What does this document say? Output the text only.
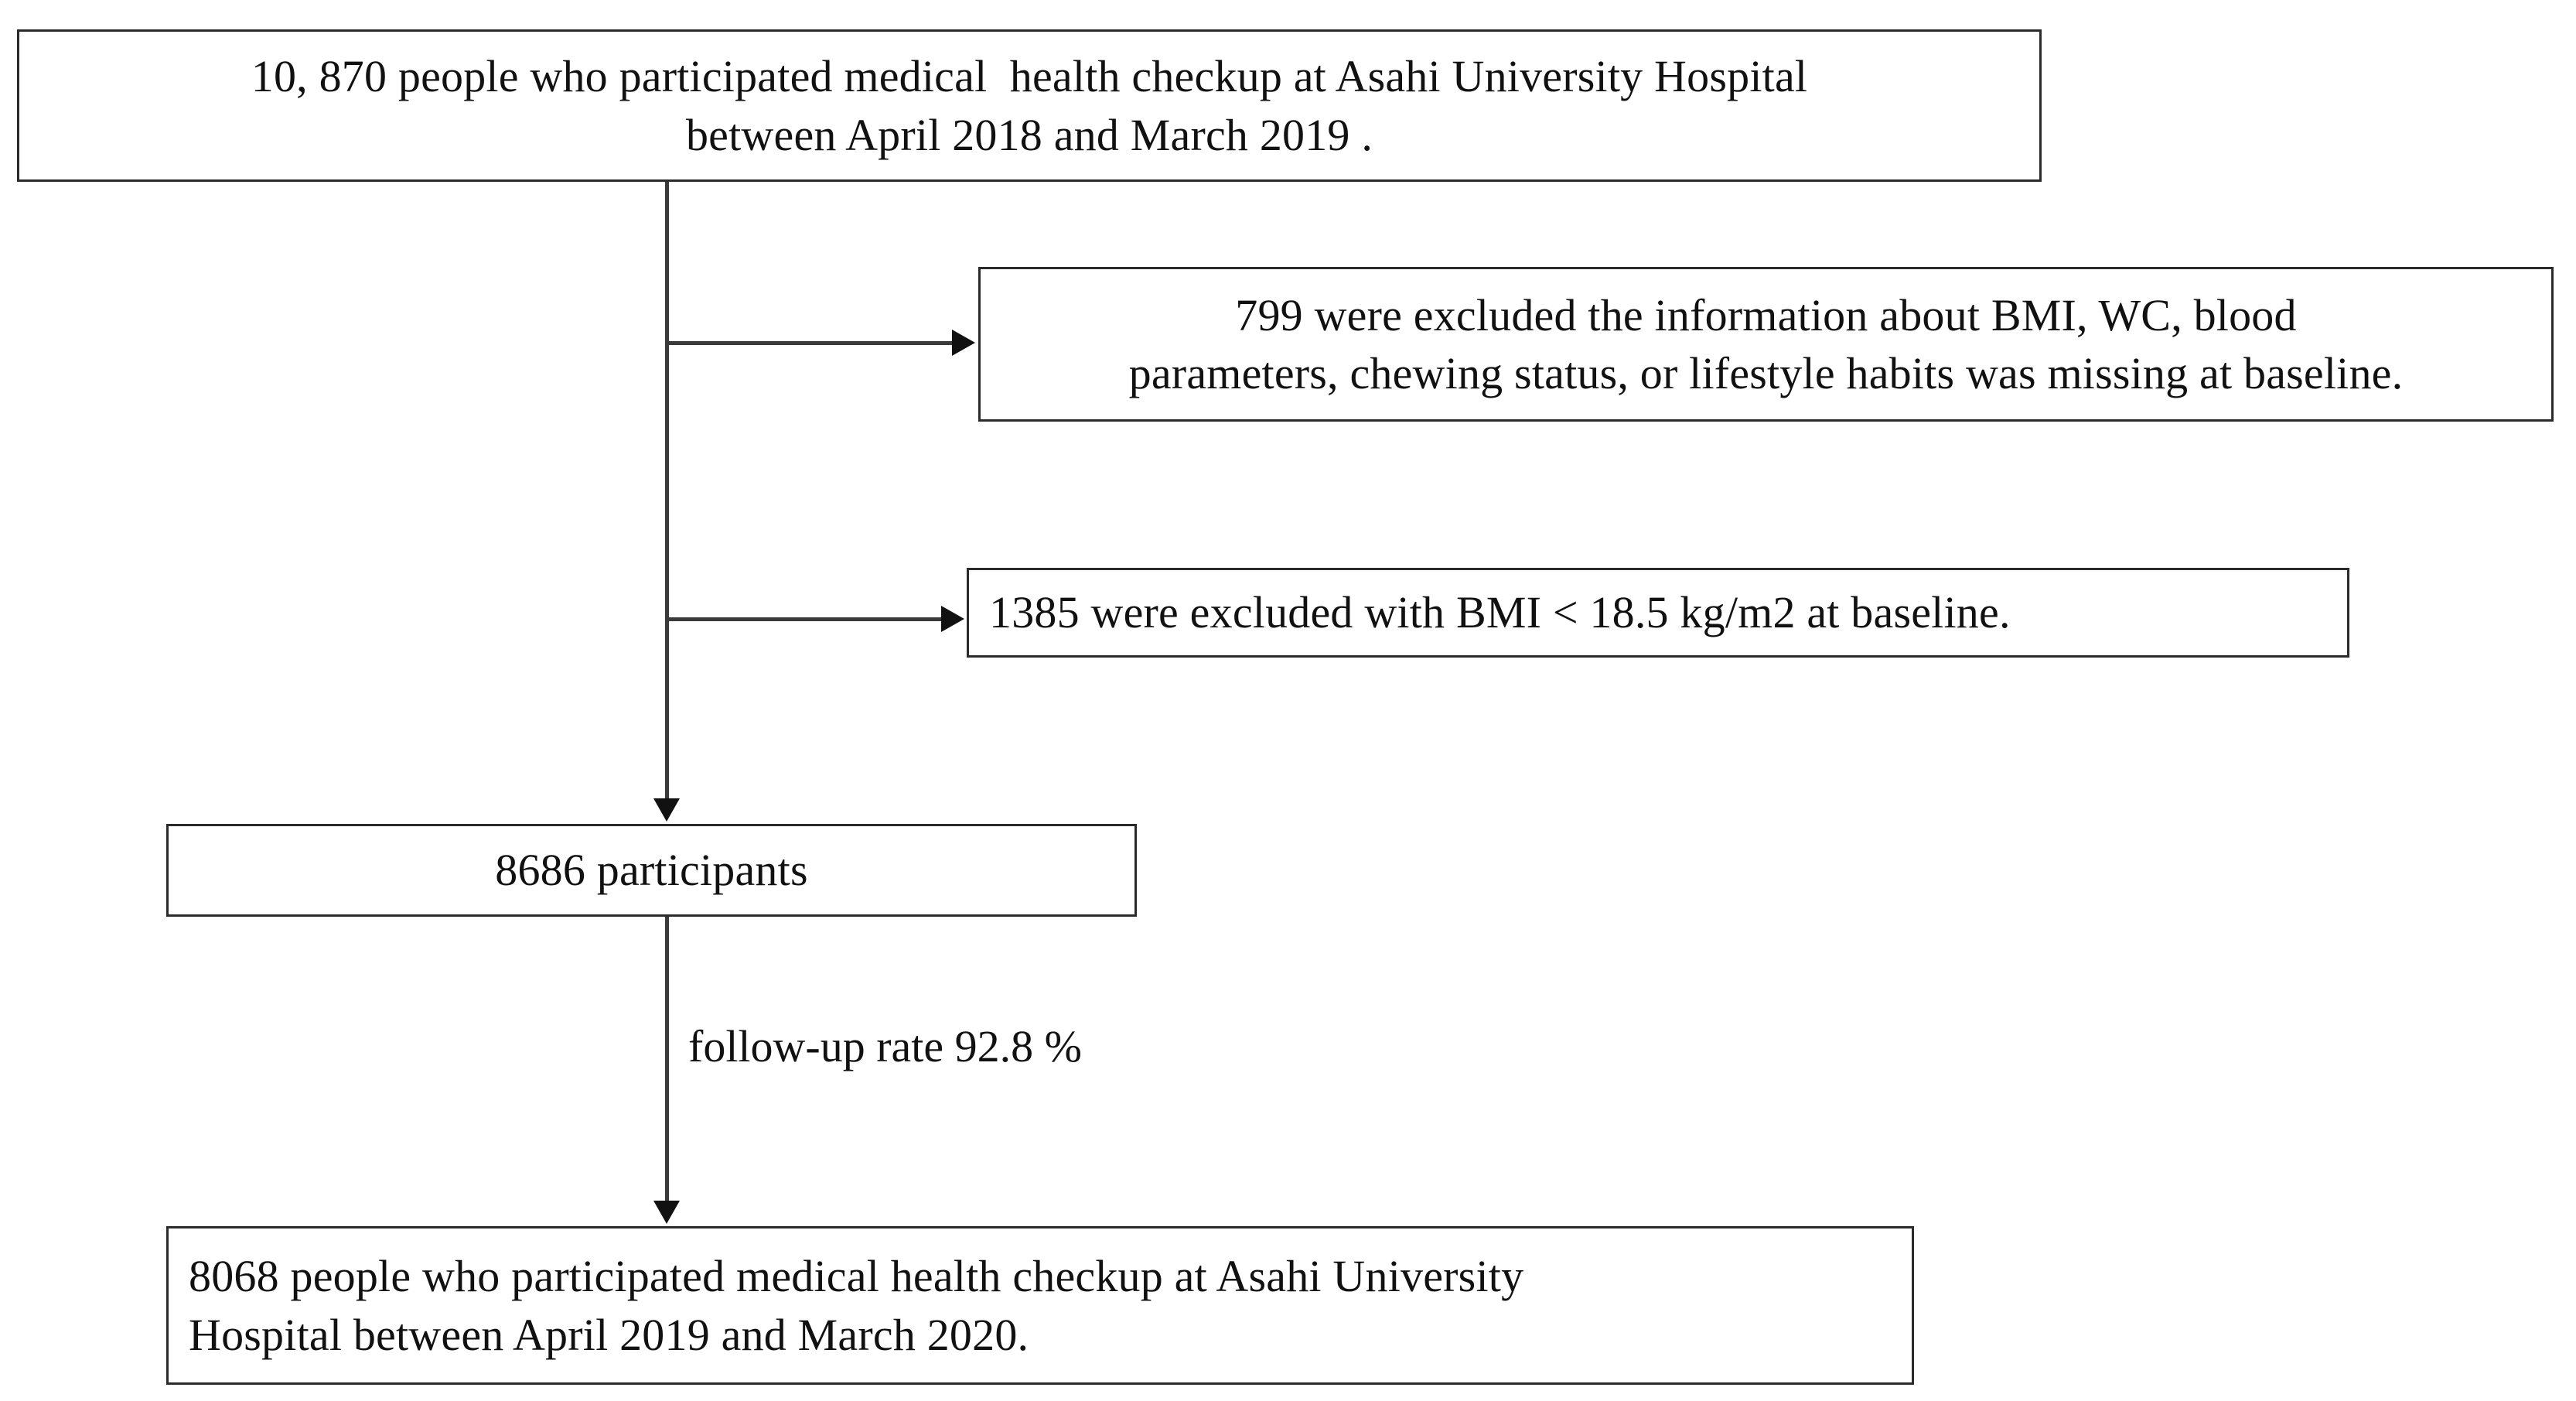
10, 870 people who participated medical  health checkup at Asahi University Hospital
between April 2018 and March 2019 .
799 were excluded the information about BMI, WC, blood
parameters, chewing status, or lifestyle habits was missing at baseline.
1385 were excluded with BMI < 18.5 kg/m2 at baseline.
8686 participants
8068 people who participated medical health checkup at Asahi University
Hospital between April 2019 and March 2020.
follow-up rate 92.8 %
